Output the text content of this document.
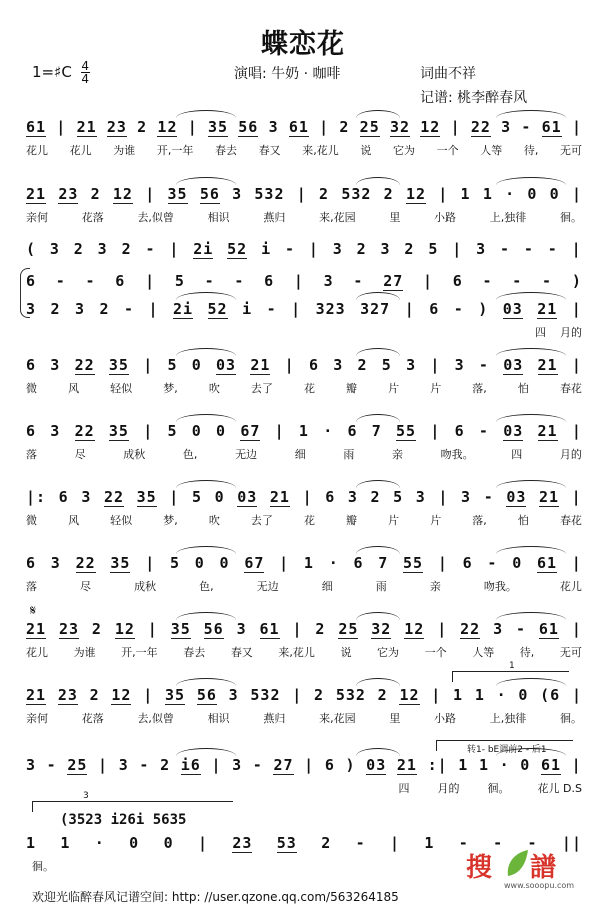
蝶恋花
1=♯C $\frac{4}{4}$	演唱: 牛奶 · 咖啡	词曲不祥
记谱: 桃李醉春风
61 | 21 23 2 12 | 35 56 3 61 | 2 25 32 12 | 22 3 - 61 |
花儿 花儿 为谁 开,一年 春去 春又 来,花儿 说 它为 一个 人等 待, 无可
21 23 2 12 | 35 56 3 532 | 2 532 2 12 | 1 1 · 0 0 |
亲何	花落	去,似曾	相识	燕归	来,花园	里	小路	上,独徘	徊。
( 3 2 3 2 - | 2i 52 i - | 3 2 3 2 5 | 3 - - - |
6 - - 6 | 5 - - 6 | 3 - 27 | 6 - - - )
3 2 3 2 - | 2i 52 i - | 323 327 | 6 - ) 03 21 |
四 月的
6 3 22 35 | 5 0 03 21 | 6 3 2 5 3 | 3 - 03 21 |
微	风	轻似	梦,	吹	去了	花	瓣	片	片	落,	怕	春花
6 3 22 35 | 5 0 0 67 | 1 · 6 7 55 | 6 - 03 21 |
落	尽	成秋	色,	无边	细	雨	亲	吻我。	四	月的
|: 6 3 22 35 | 5 0 03 21 | 6 3 2 5 3 | 3 - 03 21 |
微	风	轻似	梦,	吹	去了	花	瓣	片	片	落,	怕	春花
6 3 22 35 | 5 0 0 67 | 1 · 6 7 55 | 6 - 0 61 |
落	尽	成秋	色,	无边	细	雨	亲	吻我。	花儿
21 23 2 12 | 35 56 3 61 | 2 25 32 12 | 22 3 - 61 |
花儿 为谁 开,一年 春去 春又 来,花儿 说 它为 一个 人等 待, 无可
21 23 2 12 | 35 56 3 532 | 2 532 2 12 | 1 1 · 0 (6 |
亲何	花落	去,似曾	相识	燕归	来,花园	里	小路	上,独徘	徊。
3 - 25 | 3 - 2 i6 | 3 - 27 | 6 ) 03 21 :| 1 1 · 0 61 |
四	月的	徊。	花儿 D.S
1 1 · 0 0 | 23 53 2 - | 1 - - - ||
徊。
𝄋
1
转1- bE调前2 - 后1
3
(3523 i26i 5635
搜 譜
www.sooopu.com
欢迎光临醉春风记谱空间: http: //user.qzone.qq.com/563264185
